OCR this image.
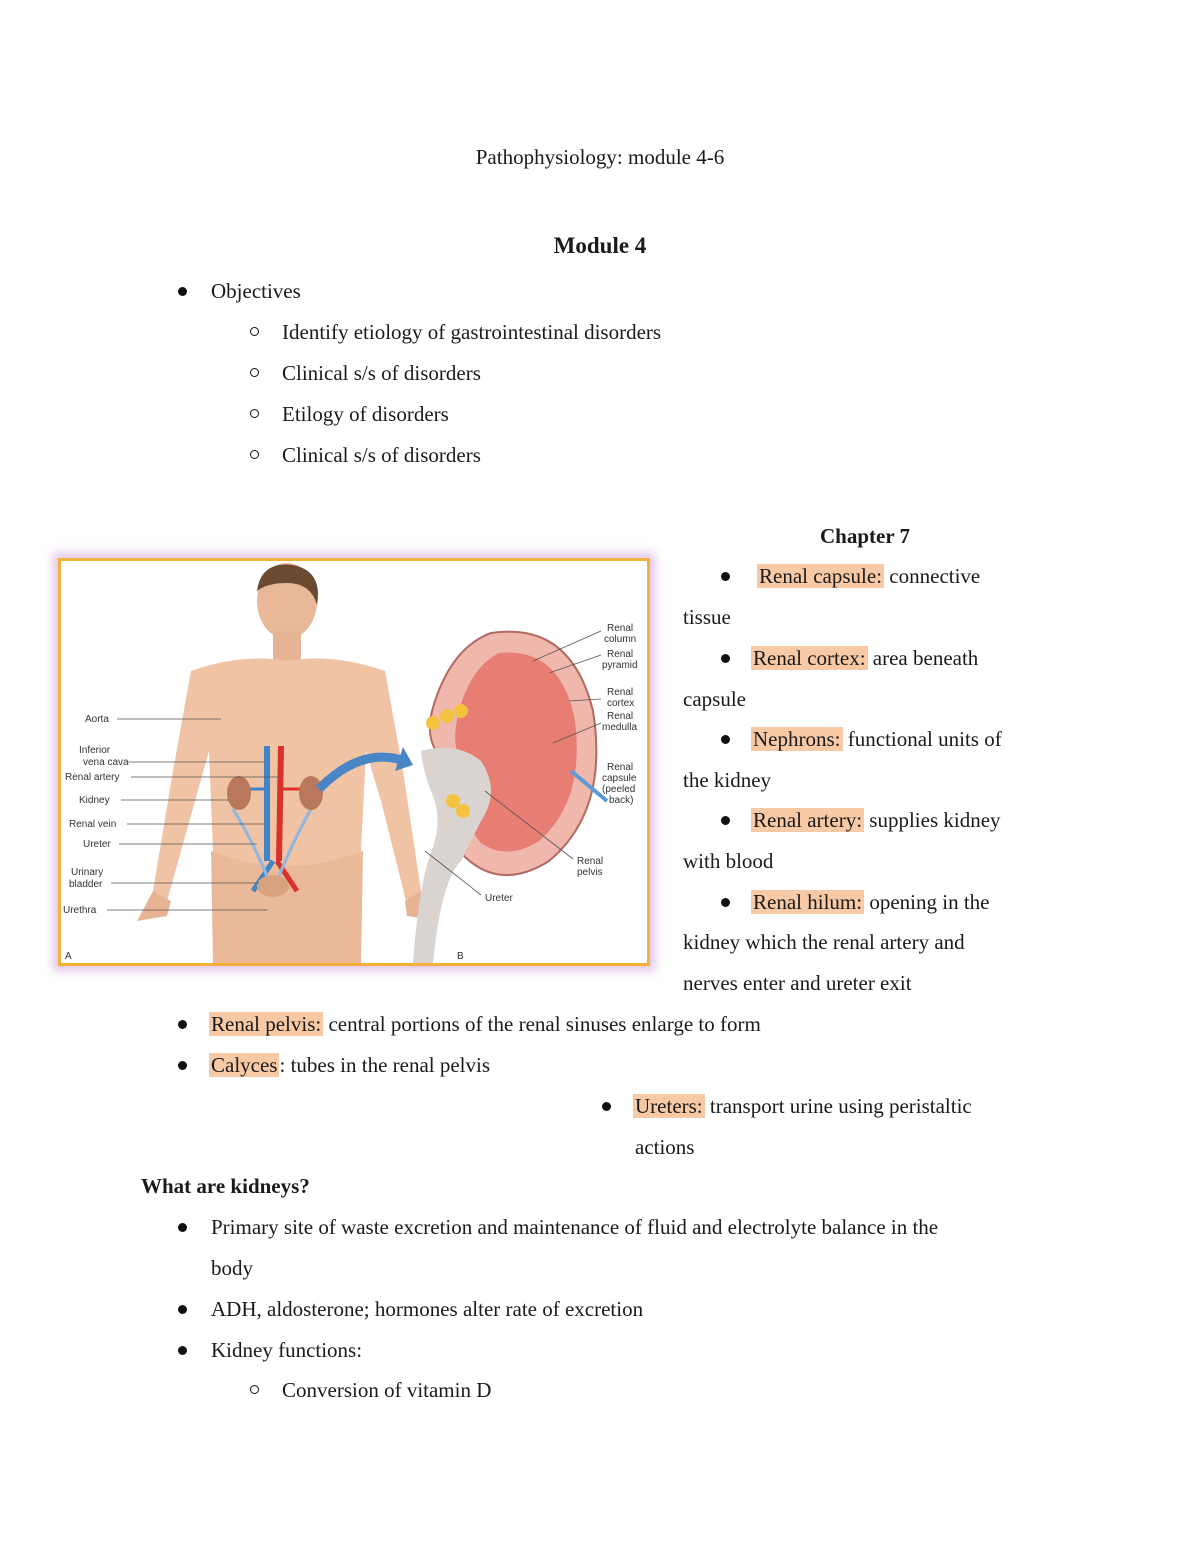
Pathophysiology: module 4-6
Module 4
Objectives
Identify etiology of gastrointestinal disorders
Clinical s/s of disorders
Etilogy of disorders
Clinical s/s of disorders
Aorta
Inferior
vena cava
Renal artery
Kidney
Renal vein
Ureter
Urinary
bladder
Urethra
Renal
column
Renal
pyramid
Renal
cortex
Renal
medulla
Renal
capsule
(peeled
back)
Renal
pelvis
Ureter
A	B
Chapter 7
Renal capsule: connective
tissue
Renal cortex: area beneath
capsule
Nephrons: functional units of
the kidney
Renal artery: supplies kidney
with blood
Renal hilum: opening in the
kidney which the renal artery and
nerves enter and ureter exit
Renal pelvis: central portions of the renal sinuses enlarge to form
Calyces: tubes in the renal pelvis
Ureters: transport urine using peristaltic
actions
What are kidneys?
Primary site of waste excretion and maintenance of fluid and electrolyte balance in the
body
ADH, aldosterone; hormones alter rate of excretion
Kidney functions:
Conversion of vitamin D
